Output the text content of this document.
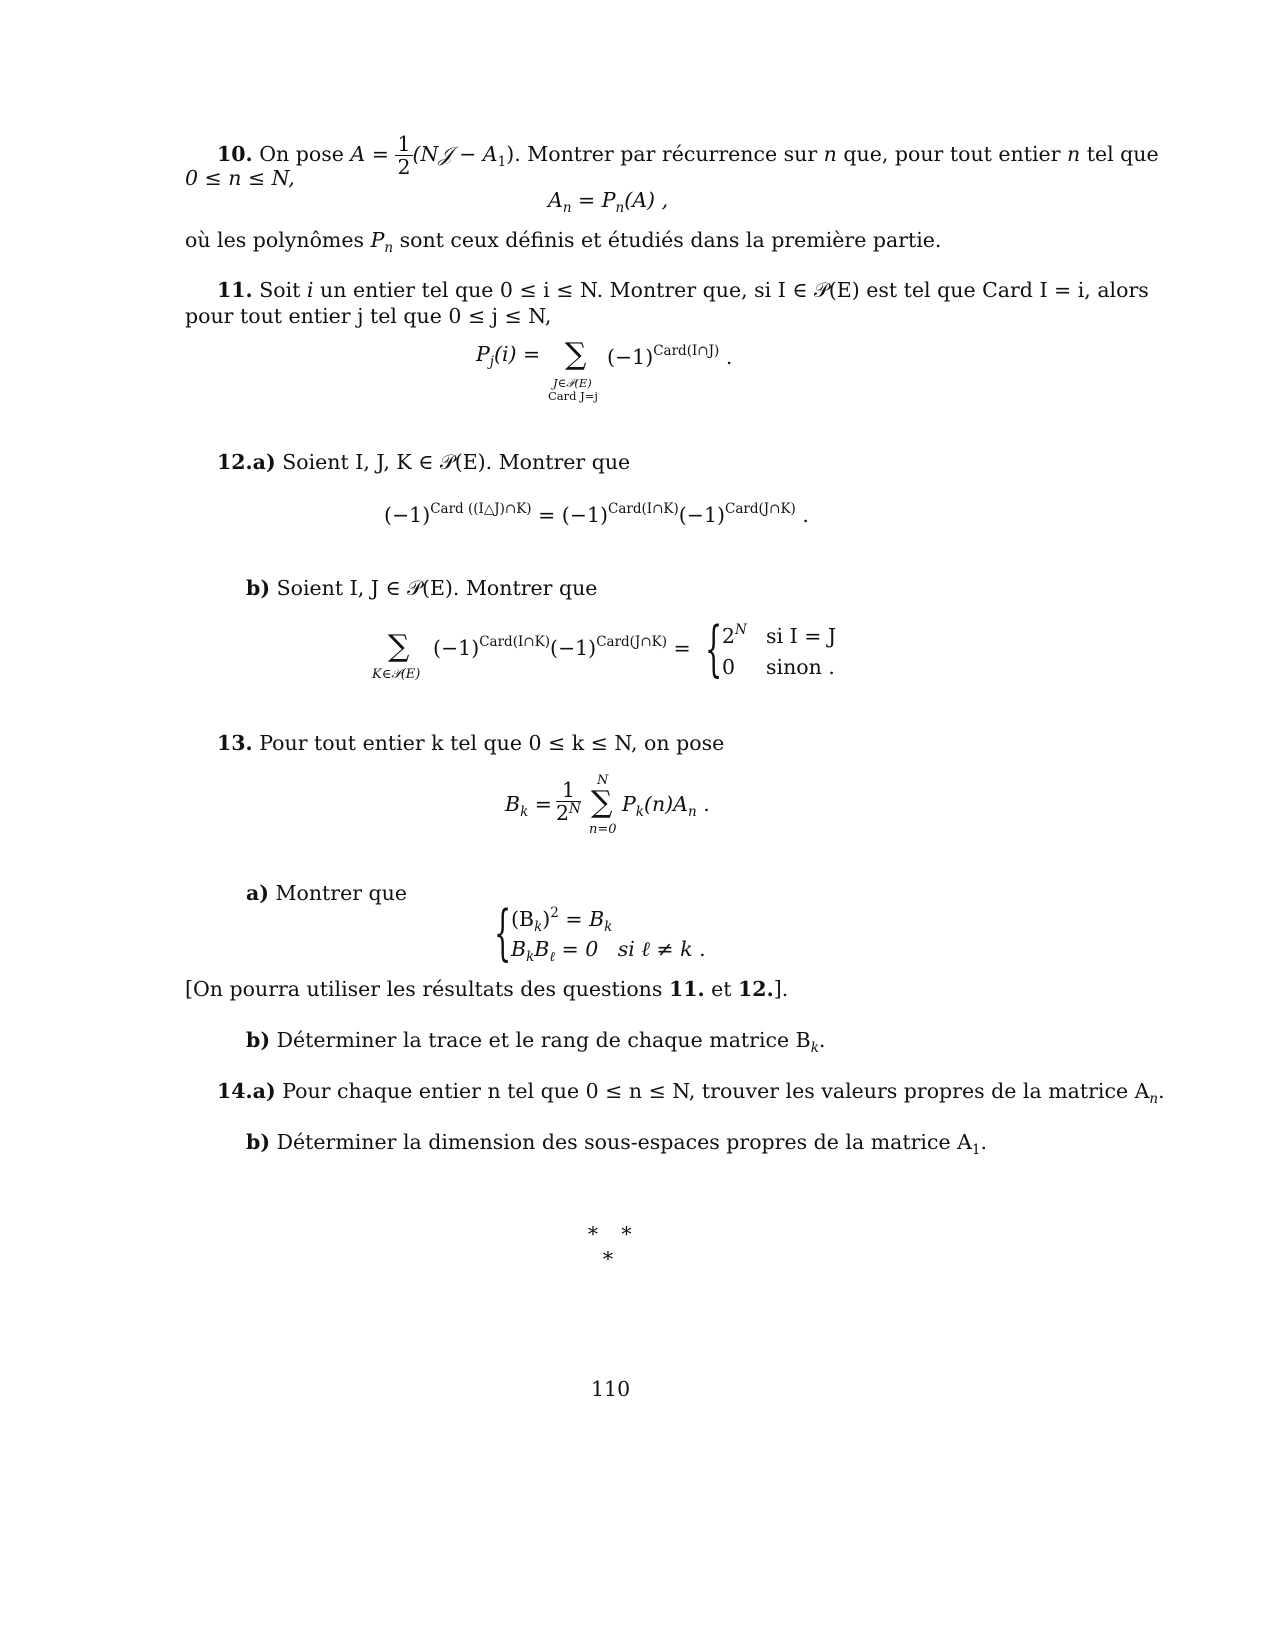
10. On pose $A = \frac{1}{2}$ (N𝒥 − $A_1$). Montrer par récurrence sur n que, pour tout entier n tel que
0 ≤ n ≤ N,
$A_n = P_n(A)$ ,
où les polynômes $P_n$ sont ceux définis et étudiés dans la première partie.
11. Soit i un entier tel que 0 ≤ i ≤ N. Montrer que, si I ∈ 𝒫(E) est tel que Card I = i, alors
pour tout entier j tel que 0 ≤ j ≤ N,
$P_j(i)$ = ∑
J∈𝒫(E)
Card J=j
$(-1)^{Card(I\cap J)}$ .
12.a) Soient I, J, K ∈ 𝒫(E). Montrer que
$(-1)^{Card ((I\triangle J)\cap K)} = (-1)^{Card(I\cap K)}(-1)^{Card(J\cap K)}$ .
b) Soient I, J ∈ 𝒫(E). Montrer que
∑
K∈𝒫(E)
$(-1)^{Card(I\cap K)}(-1)^{Card(J\cap K)}$ = { $2^N$ si I = J
0 sinon .
13. Pour tout entier k tel que 0 ≤ k ≤ N, on pose
$B_k = \frac{1}{2^N}$ N
∑
n=0
$P_k(n)A_n$ .
a) Montrer que
{ $(B_k)^2 = B_k$
$B_kB_\ell = 0$   si ℓ ≠ k .
[On pourra utiliser les résultats des questions 11. et 12.].
b) Déterminer la trace et le rang de chaque matrice $B_k$.
14.a) Pour chaque entier n tel que 0 ≤ n ≤ N, trouver les valeurs propres de la matrice $A_n$.
b) Déterminer la dimension des sous-espaces propres de la matrice $A_1$.
∗   ∗
∗
110
